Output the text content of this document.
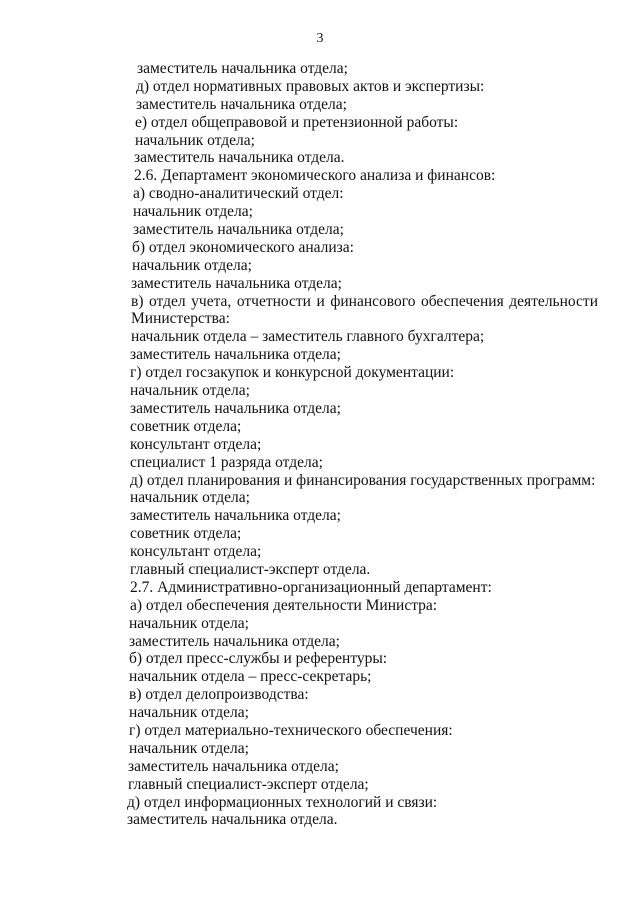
3
заместитель начальника отдела;
д) отдел нормативных правовых актов и экспертизы:
заместитель начальника отдела;
е) отдел общеправовой и претензионной работы:
начальник отдела;
заместитель начальника отдела.
2.6. Департамент экономического анализа и финансов:
а) сводно-аналитический отдел:
начальник отдела;
заместитель начальника отдела;
б) отдел экономического анализа:
начальник отдела;
заместитель начальника отдела;
в) отдел учета, отчетности и финансового обеспечения деятельности Министерства:
начальник отдела – заместитель главного бухгалтера;
заместитель начальника отдела;
г) отдел госзакупок и конкурсной документации:
начальник отдела;
заместитель начальника отдела;
советник отдела;
консультант отдела;
специалист 1 разряда отдела;
д) отдел планирования и финансирования государственных программ:
начальник отдела;
заместитель начальника отдела;
советник отдела;
консультант отдела;
главный специалист-эксперт отдела.
2.7. Административно-организационный департамент:
а) отдел обеспечения деятельности Министра:
начальник отдела;
заместитель начальника отдела;
б) отдел пресс-службы и референтуры:
начальник отдела – пресс-секретарь;
в) отдел делопроизводства:
начальник отдела;
г) отдел материально-технического обеспечения:
начальник отдела;
заместитель начальника отдела;
главный специалист-эксперт отдела;
д) отдел информационных технологий и связи:
заместитель начальника отдела.
